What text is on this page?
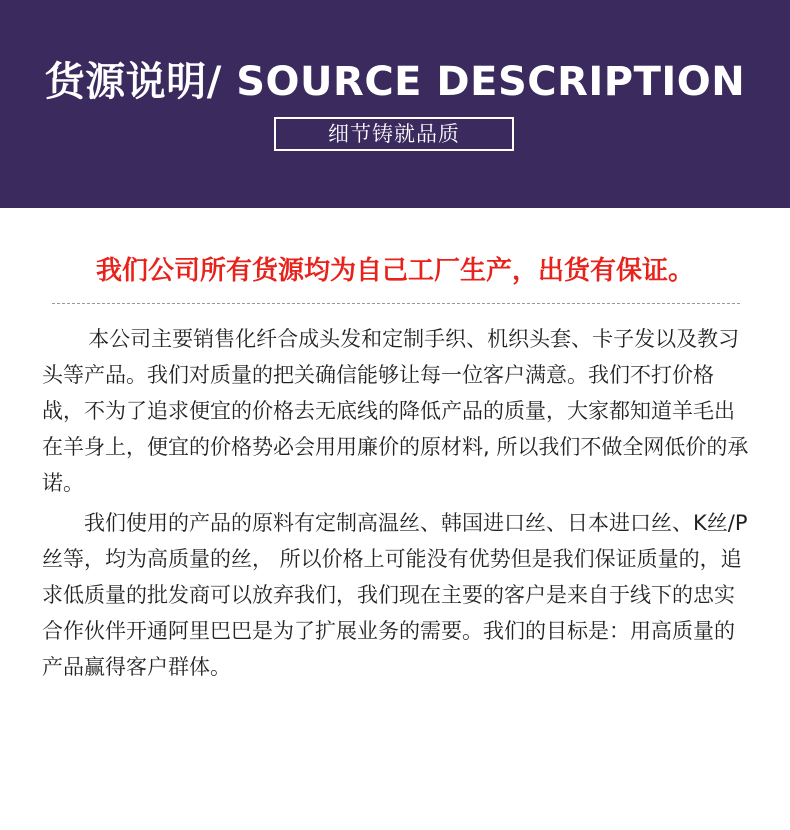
货源说明/ SOURCE DESCRIPTION
细节铸就品质
我们公司所有货源均为自己工厂生产，出货有保证。

本公司主要销售化纤合成头发和定制手织、机织头套、卡子发以及教习头等产品。我们对质量的把关确信能够让每一位客户满意。我们不打价格战，不为了追求便宜的价格去无底线的降低产品的质量，大家都知道羊毛出在羊身上，便宜的价格势必会用用廉价的原材料, 所以我们不做全网低价的承诺。

我们使用的产品的原料有定制高温丝、韩国进口丝、日本进口丝、K丝/P丝等，均为高质量的丝， 所以价格上可能没有优势但是我们保证质量的，追求低质量的批发商可以放弃我们，我们现在主要的客户是来自于线下的忠实合作伙伴开通阿里巴巴是为了扩展业务的需要。我们的目标是：用高质量的产品赢得客户群体。
